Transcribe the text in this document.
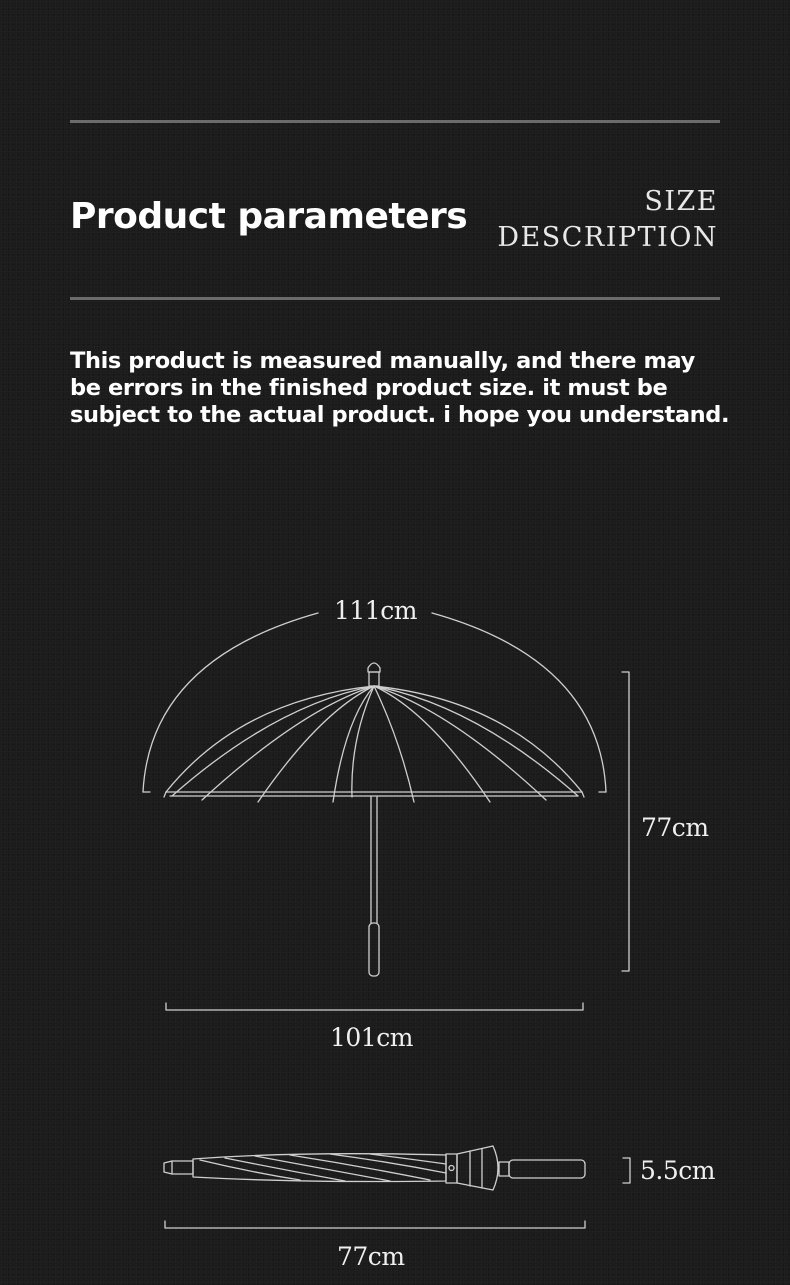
Product parameters	SIZE
DESCRIPTION
This product is measured manually, and there may
be errors in the finished product size. it must be
subject to the actual product. i hope you understand.
111cm
77cm
101cm
5.5cm
77cm
